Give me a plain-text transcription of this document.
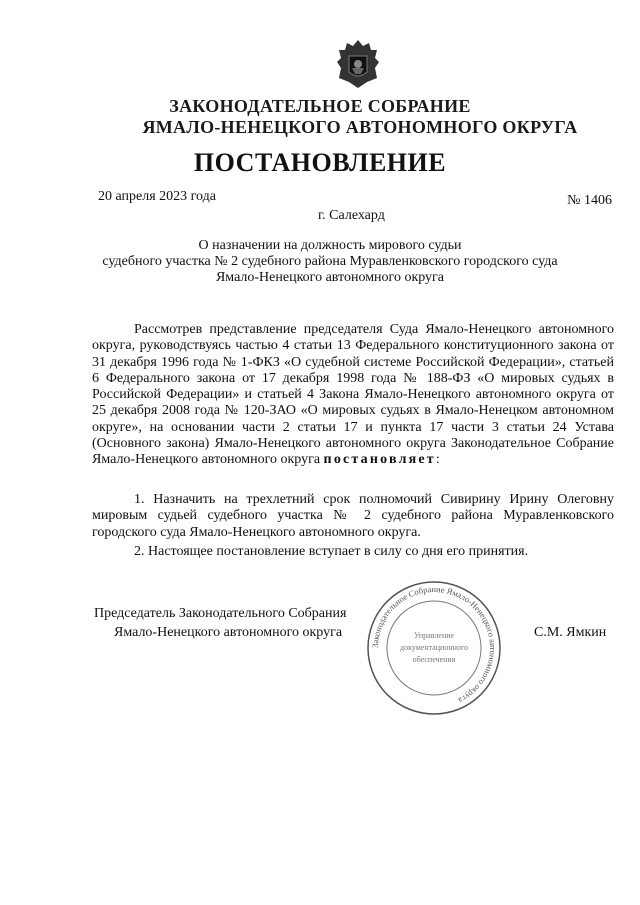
ЗАКОНОДАТЕЛЬНОЕ СОБРАНИЕ
ЯМАЛО-НЕНЕЦКОГО АВТОНОМНОГО ОКРУГА
ПОСТАНОВЛЕНИЕ
20 апреля 2023 года	№ 1406
г. Салехард
О назначении на должность мирового судьи
судебного участка № 2 судебного района Муравленковского городского суда
Ямало-Ненецкого автономного округа
Рассмотрев представление председателя Суда Ямало-Ненецкого автономного округа, руководствуясь частью 4 статьи 13 Федерального конституционного закона от 31 декабря 1996 года № 1-ФКЗ «О судебной системе Российской Федерации», статьей 6 Федерального закона от 17 декабря 1998 года № 188-ФЗ «О мировых судьях в Российской Федерации» и статьей 4 Закона Ямало-Ненецкого автономного округа от 25 декабря 2008 года № 120-ЗАО «О мировых судьях в Ямало-Ненецком автономном округе», на основании части 2 статьи 17 и пункта 17 части 3 статьи 24 Устава (Основного закона) Ямало-Ненецкого автономного округа Законодательное Собрание Ямало-Ненецкого автономного округа постановляет:
1. Назначить на трехлетний срок полномочий Сивирину Ирину Олеговну мировым судьей судебного участка № 2 судебного района Муравленковского городского суда Ямало-Ненецкого автономного округа.
2. Настоящее постановление вступает в силу со дня его принятия.
Председатель Законодательного Собрания
Ямало-Ненецкого автономного округа	С.М. Ямкин
Законодательное Собрание Ямало-Ненецкого автономного округа
Управление
документационного
обеспечения
